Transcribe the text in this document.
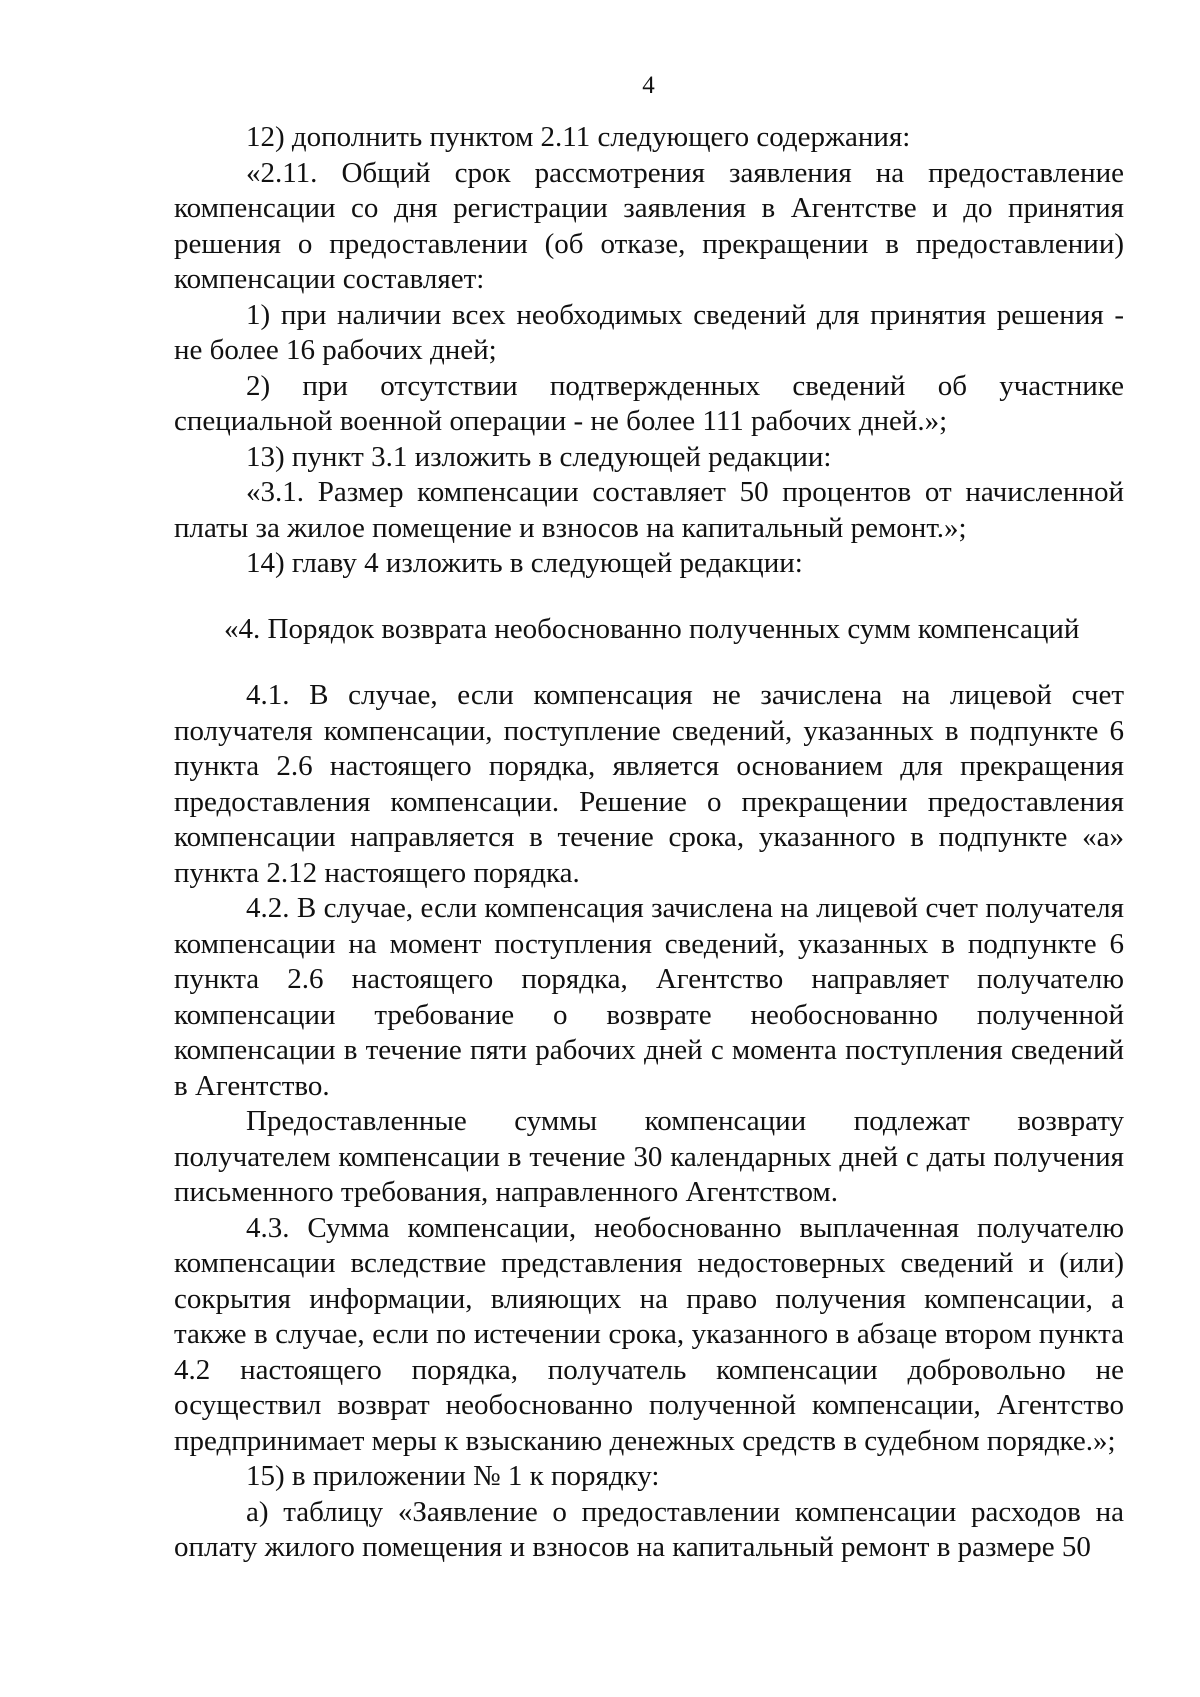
4

12) дополнить пунктом 2.11 следующего содержания:

«2.11. Общий срок рассмотрения заявления на предоставление компенсации со дня регистрации заявления в Агентстве и до принятия решения о предоставлении (об отказе, прекращении в предоставлении) компенсации составляет:

1) при наличии всех необходимых сведений для принятия решения - не более 16 рабочих дней;

2) при отсутствии подтвержденных сведений об участнике специальной военной операции - не более 111 рабочих дней.»;

13) пункт 3.1 изложить в следующей редакции:

«3.1. Размер компенсации составляет 50 процентов от начисленной платы за жилое помещение и взносов на капитальный ремонт.»;

14) главу 4 изложить в следующей редакции:

«4. Порядок возврата необоснованно полученных сумм компенсаций

4.1. В случае, если компенсация не зачислена на лицевой счет получателя компенсации, поступление сведений, указанных в подпункте 6 пункта 2.6 настоящего порядка, является основанием для прекращения предоставления компенсации. Решение о прекращении предоставления компенсации направляется в течение срока, указанного в подпункте «а» пункта 2.12 настоящего порядка.

4.2. В случае, если компенсация зачислена на лицевой счет получателя компенсации на момент поступления сведений, указанных в подпункте 6 пункта 2.6 настоящего порядка, Агентство направляет получателю компенсации требование о возврате необоснованно полученной компенсации в течение пяти рабочих дней с момента поступления сведений в Агентство.

Предоставленные суммы компенсации подлежат возврату получателем компенсации в течение 30 календарных дней с даты получения письменного требования, направленного Агентством.

4.3. Сумма компенсации, необоснованно выплаченная получателю компенсации вследствие представления недостоверных сведений и (или) сокрытия информации, влияющих на право получения компенсации, а также в случае, если по истечении срока, указанного в абзаце втором пункта 4.2 настоящего порядка, получатель компенсации добровольно не осуществил возврат необоснованно полученной компенсации, Агентство предпринимает меры к взысканию денежных средств в судебном порядке.»;

15) в приложении № 1 к порядку:

а) таблицу «Заявление о предоставлении компенсации расходов на оплату жилого помещения и взносов на капитальный ремонт в размере 50
